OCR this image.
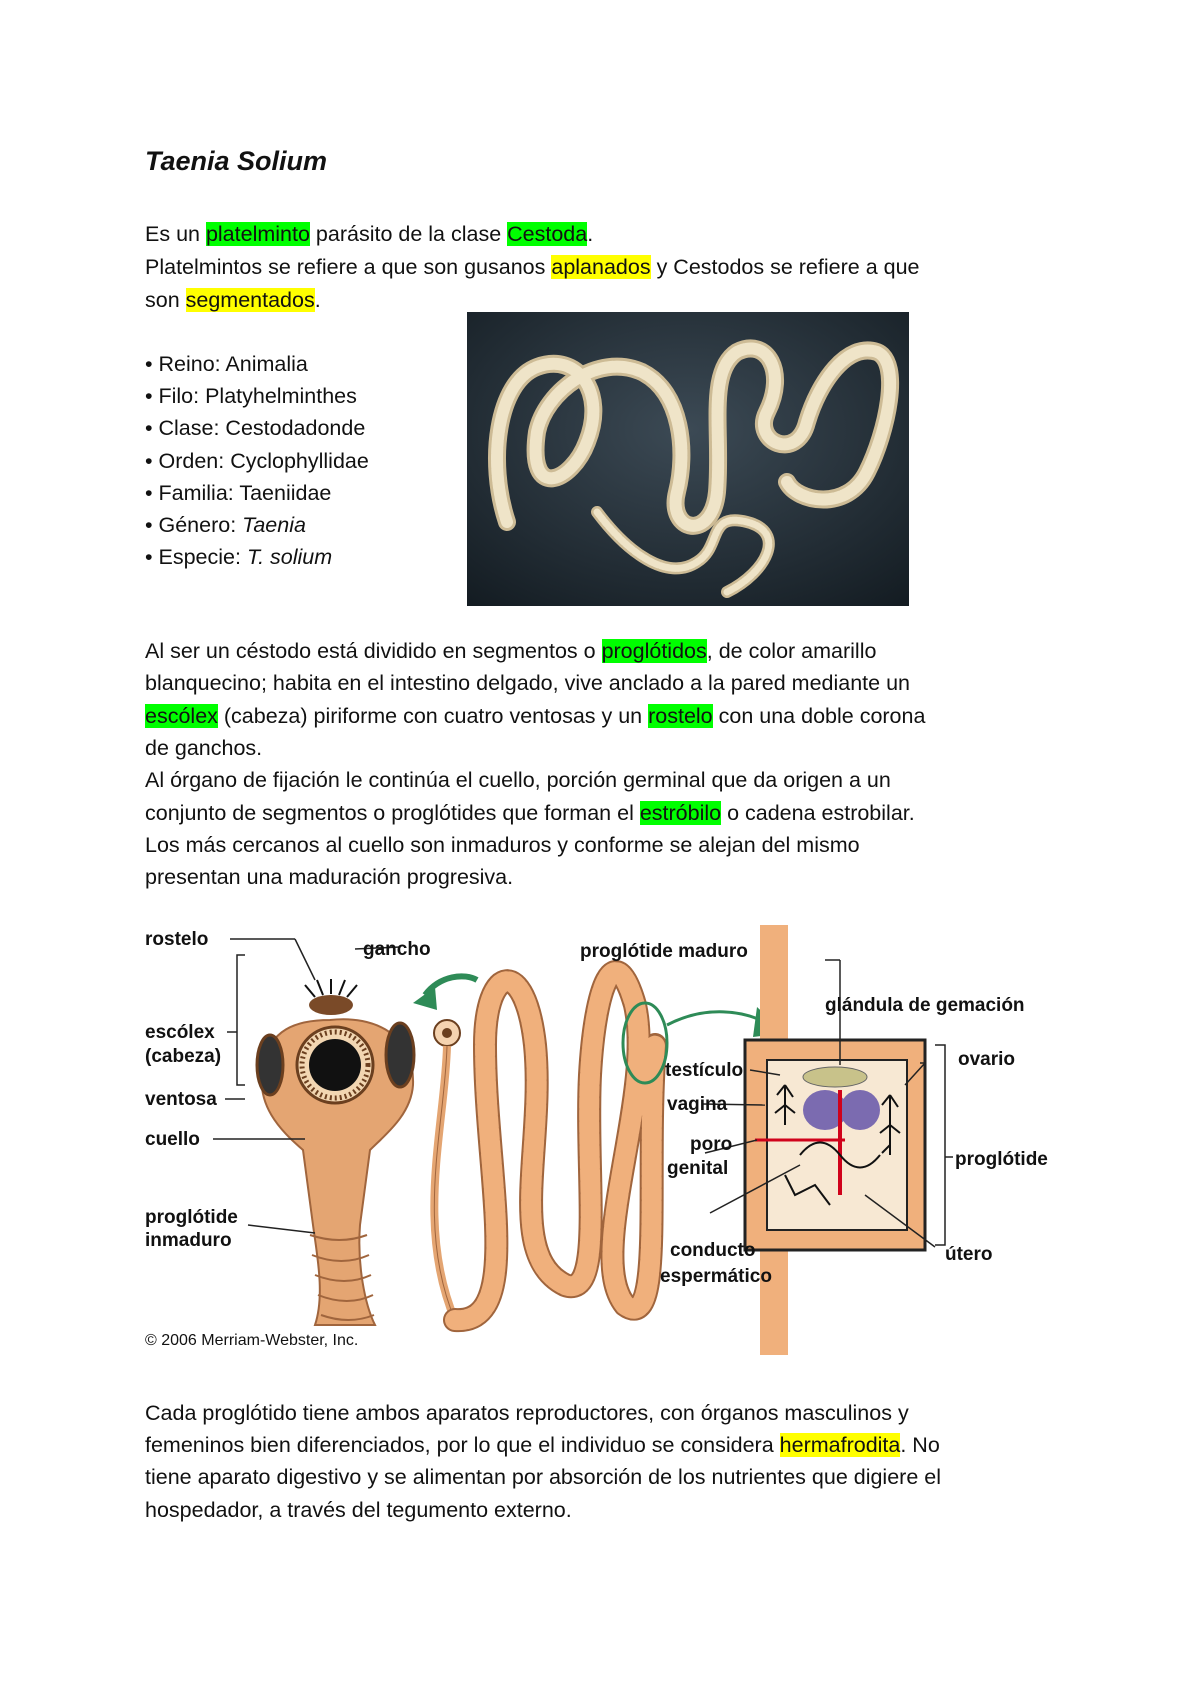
Taenia Solium
Es un platelminto parásito de la clase Cestoda.
Platelmintos se refiere a que son gusanos aplanados y Cestodos se refiere a que
son segmentados.
• Reino: Animalia
• Filo: Platyhelminthes
• Clase: Cestodadonde
• Orden: Cyclophyllidae
• Familia: Taeniidae
• Género: Taenia
• Especie: T. solium
Al ser un céstodo está dividido en segmentos o proglótidos, de color amarillo
blanquecino; habita en el intestino delgado, vive anclado a la pared mediante un
escólex (cabeza) piriforme con cuatro ventosas y un rostelo con una doble corona
de ganchos.
Al órgano de fijación le continúa el cuello, porción germinal que da origen a un
conjunto de segmentos o proglótides que forman el estróbilo o cadena estrobilar.
Los más cercanos al cuello son inmaduros y conforme se alejan del mismo
presentan una maduración progresiva.
rostelo	gancho	proglótide maduro
glándula de gemación
escólex
(cabeza)
ventosa
cuello
proglótide
inmaduro
testículo
vagina
poro
genital
conducto
espermático
ovario
proglótide
útero
© 2006 Merriam-Webster, Inc.
Cada proglótido tiene ambos aparatos reproductores, con órganos masculinos y
femeninos bien diferenciados, por lo que el individuo se considera hermafrodita. No
tiene aparato digestivo y se alimentan por absorción de los nutrientes que digiere el
hospedador, a través del tegumento externo.
